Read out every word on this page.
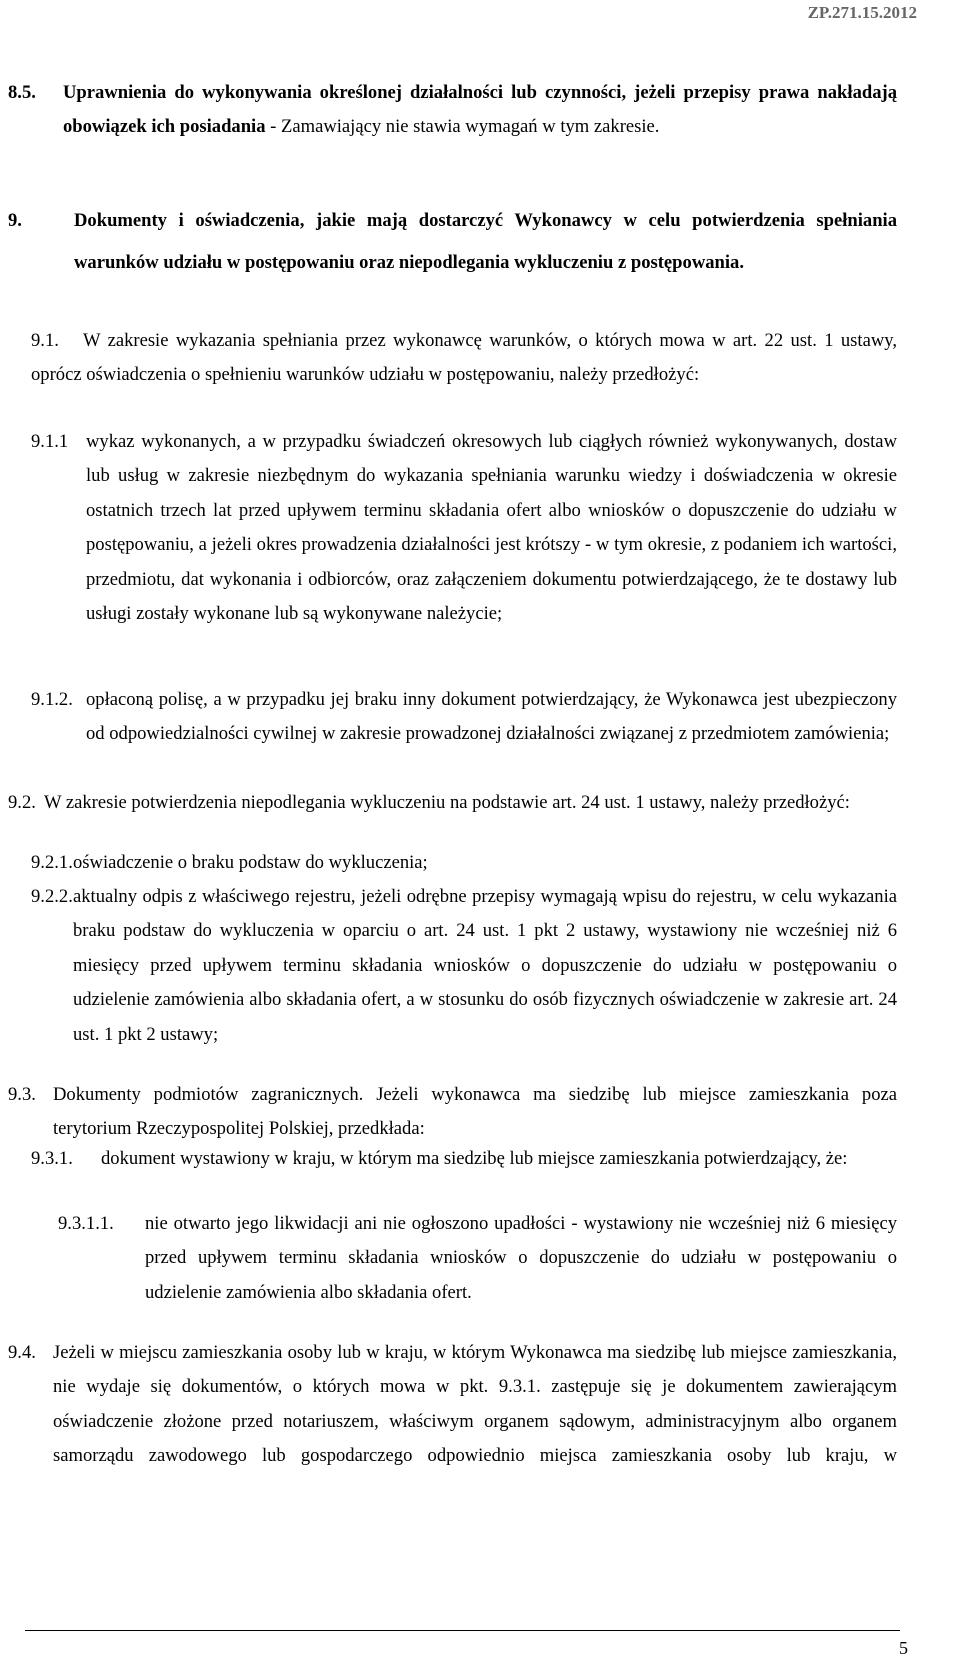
ZP.271.15.2012
8.5. Uprawnienia do wykonywania określonej działalności lub czynności, jeżeli przepisy prawa nakładają obowiązek ich posiadania - Zamawiający nie stawia wymagań w tym zakresie.
9.	Dokumenty i oświadczenia, jakie mają dostarczyć Wykonawcy w celu potwierdzenia spełniania warunków udziału w postępowaniu oraz niepodlegania wykluczeniu z postępowania.
9.1.	W zakresie wykazania spełniania przez wykonawcę warunków, o których mowa w art. 22 ust. 1 ustawy, oprócz oświadczenia o spełnieniu warunków udziału w postępowaniu, należy przedłożyć:
9.1.1 wykaz wykonanych, a w przypadku świadczeń okresowych lub ciągłych również wykonywanych, dostaw lub usług w zakresie niezbędnym do wykazania spełniania warunku wiedzy i doświadczenia w okresie ostatnich trzech lat przed upływem terminu składania ofert albo wniosków o dopuszczenie do udziału w postępowaniu, a jeżeli okres prowadzenia działalności jest krótszy - w tym okresie, z podaniem ich wartości, przedmiotu, dat wykonania i odbiorców, oraz załączeniem dokumentu potwierdzającego, że te dostawy lub usługi zostały wykonane lub są wykonywane należycie;
9.1.2. opłaconą polisę, a w przypadku jej braku inny dokument potwierdzający, że Wykonawca jest ubezpieczony od odpowiedzialności cywilnej w zakresie prowadzonej działalności związanej z przedmiotem zamówienia;
9.2. W zakresie potwierdzenia niepodlegania wykluczeniu na podstawie art. 24 ust. 1 ustawy, należy przedłożyć:
9.2.1. oświadczenie o braku podstaw do wykluczenia;
9.2.2. aktualny odpis z właściwego rejestru, jeżeli odrębne przepisy wymagają wpisu do rejestru, w celu wykazania braku podstaw do wykluczenia w oparciu o art. 24 ust. 1 pkt 2 ustawy, wystawiony nie wcześniej niż 6 miesięcy przed upływem terminu składania wniosków o dopuszczenie do udziału w postępowaniu o udzielenie zamówienia albo składania ofert, a w stosunku do osób fizycznych oświadczenie w zakresie art. 24 ust. 1 pkt 2 ustawy;
9.3. Dokumenty podmiotów zagranicznych. Jeżeli wykonawca ma siedzibę lub miejsce zamieszkania poza terytorium Rzeczypospolitej Polskiej, przedkłada:
9.3.1. dokument wystawiony w kraju, w którym ma siedzibę lub miejsce zamieszkania potwierdzający, że:
9.3.1.1. nie otwarto jego likwidacji ani nie ogłoszono upadłości - wystawiony nie wcześniej niż 6 miesięcy przed upływem terminu składania wniosków o dopuszczenie do udziału w postępowaniu o udzielenie zamówienia albo składania ofert.
9.4. Jeżeli w miejscu zamieszkania osoby lub w kraju, w którym Wykonawca ma siedzibę lub miejsce zamieszkania, nie wydaje się dokumentów, o których mowa w pkt. 9.3.1. zastępuje się je dokumentem zawierającym oświadczenie złożone przed notariuszem, właściwym organem sądowym, administracyjnym albo organem samorządu zawodowego lub gospodarczego odpowiednio miejsca zamieszkania osoby lub kraju, w
5
